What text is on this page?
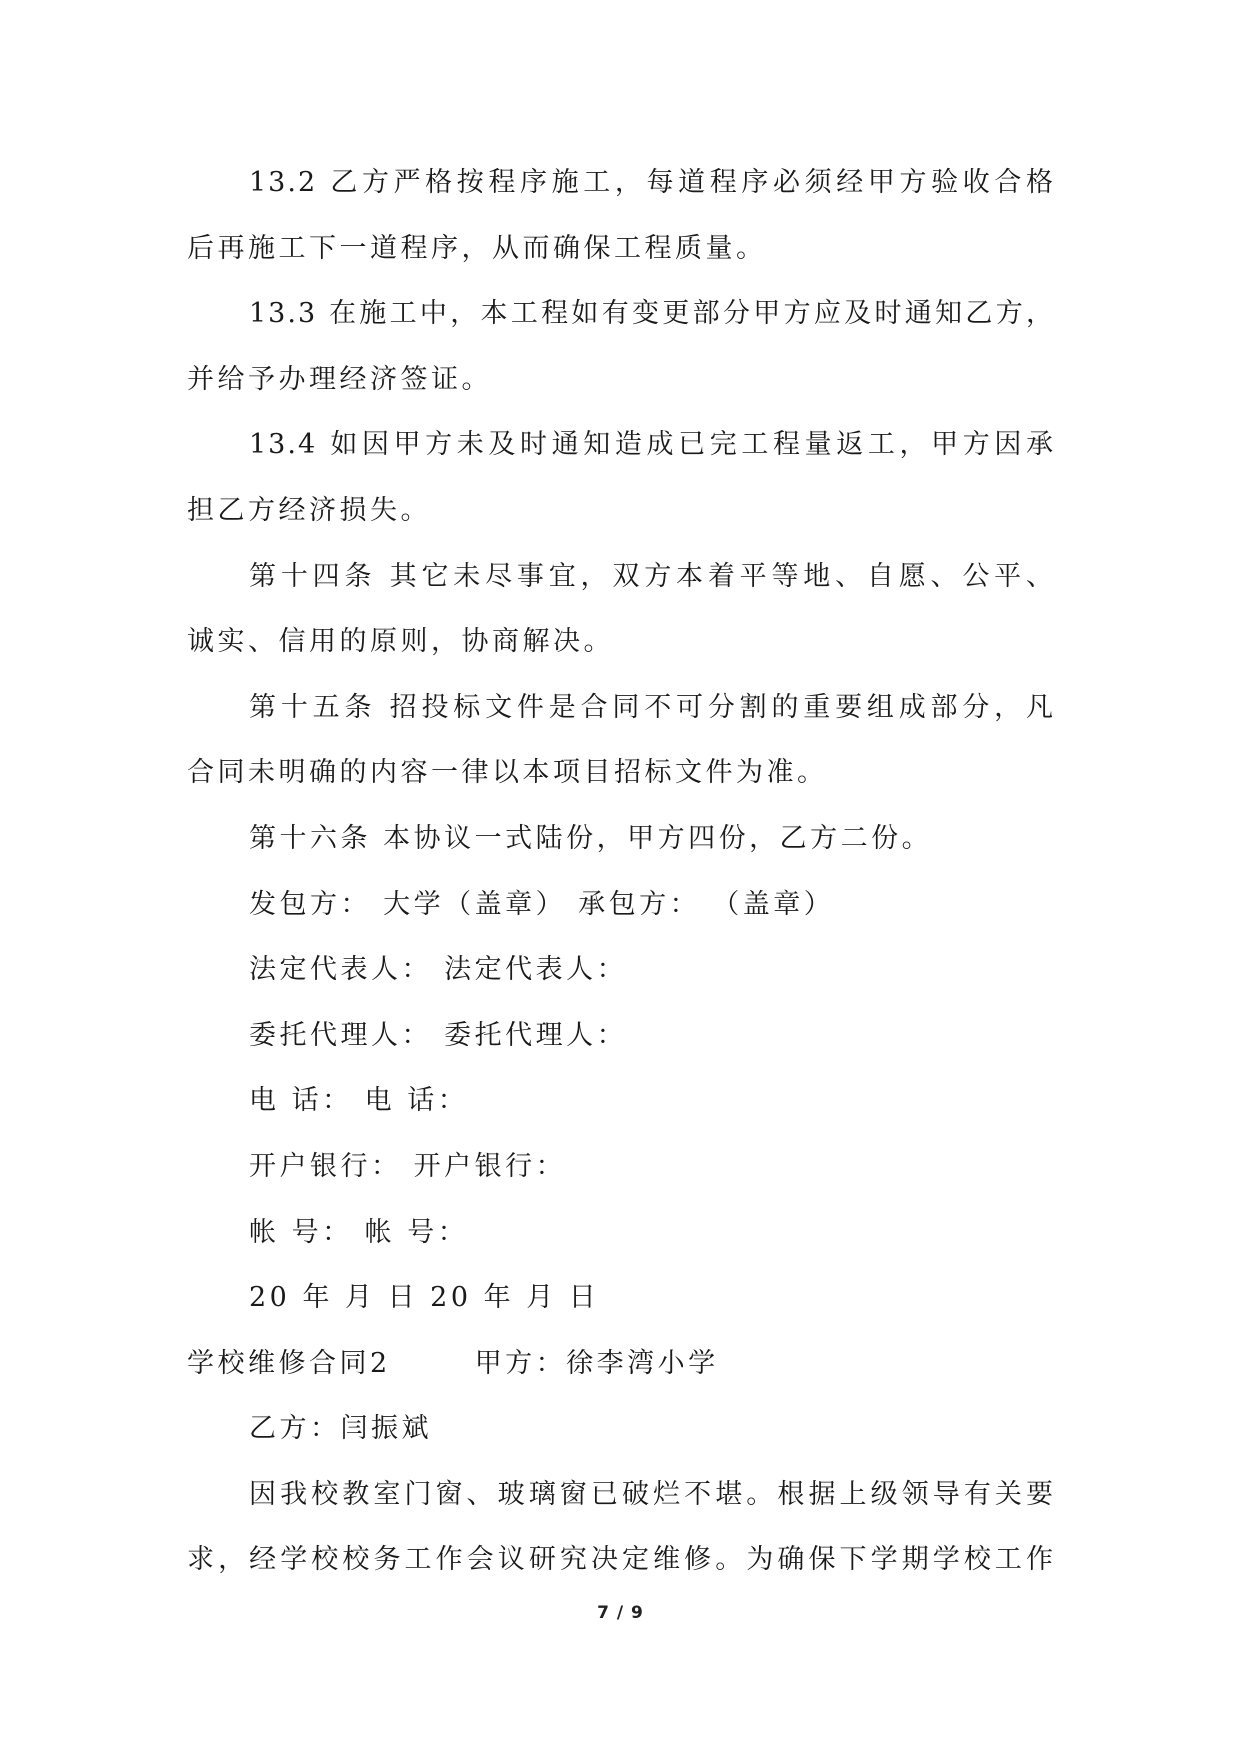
13.2 乙方严格按程序施工，每道程序必须经甲方验收合格
后再施工下一道程序，从而确保工程质量。
13.3 在施工中，本工程如有变更部分甲方应及时通知乙方，
并给予办理经济签证。
13.4 如因甲方未及时通知造成已完工程量返工，甲方因承
担乙方经济损失。
第十四条 其它未尽事宜，双方本着平等地、自愿、公平、
诚实、信用的原则，协商解决。
第十五条 招投标文件是合同不可分割的重要组成部分，凡
合同未明确的内容一律以本项目招标文件为准。
第十六条 本协议一式陆份，甲方四份，乙方二份。
发包方： 大学（盖章） 承包方： （盖章）
法定代表人： 法定代表人：
委托代理人： 委托代理人：
电 话： 电 话：
开户银行： 开户银行：
帐 号： 帐 号：
20 年 月 日 20 年 月 日
学校维修合同2	甲方：徐李湾小学
乙方：闫振斌
因我校教室门窗、玻璃窗已破烂不堪。根据上级领导有关要
求，经学校校务工作会议研究决定维修。为确保下学期学校工作
7 / 9
